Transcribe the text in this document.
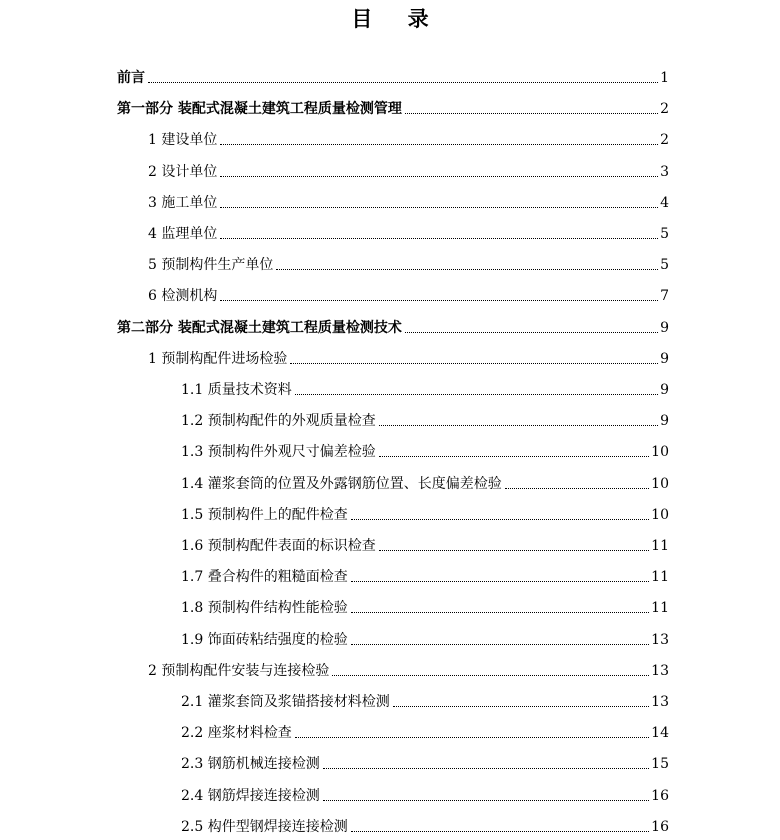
目 录
前言	1
第一部分 装配式混凝土建筑工程质量检测管理	2
1 建设单位	2
2 设计单位	3
3 施工单位	4
4 监理单位	5
5 预制构件生产单位	5
6 检测机构	7
第二部分 装配式混凝土建筑工程质量检测技术	9
1 预制构配件进场检验	9
1.1 质量技术资料	9
1.2 预制构配件的外观质量检查	9
1.3 预制构件外观尺寸偏差检验	10
1.4 灌浆套筒的位置及外露钢筋位置、长度偏差检验	10
1.5 预制构件上的配件检查	10
1.6 预制构配件表面的标识检查	11
1.7 叠合构件的粗糙面检查	11
1.8 预制构件结构性能检验	11
1.9 饰面砖粘结强度的检验	13
2 预制构配件安装与连接检验	13
2.1 灌浆套筒及浆锚搭接材料检测	13
2.2 座浆材料检查	14
2.3 钢筋机械连接检测	15
2.4 钢筋焊接连接检测	16
2.5 构件型钢焊接连接检测	16
